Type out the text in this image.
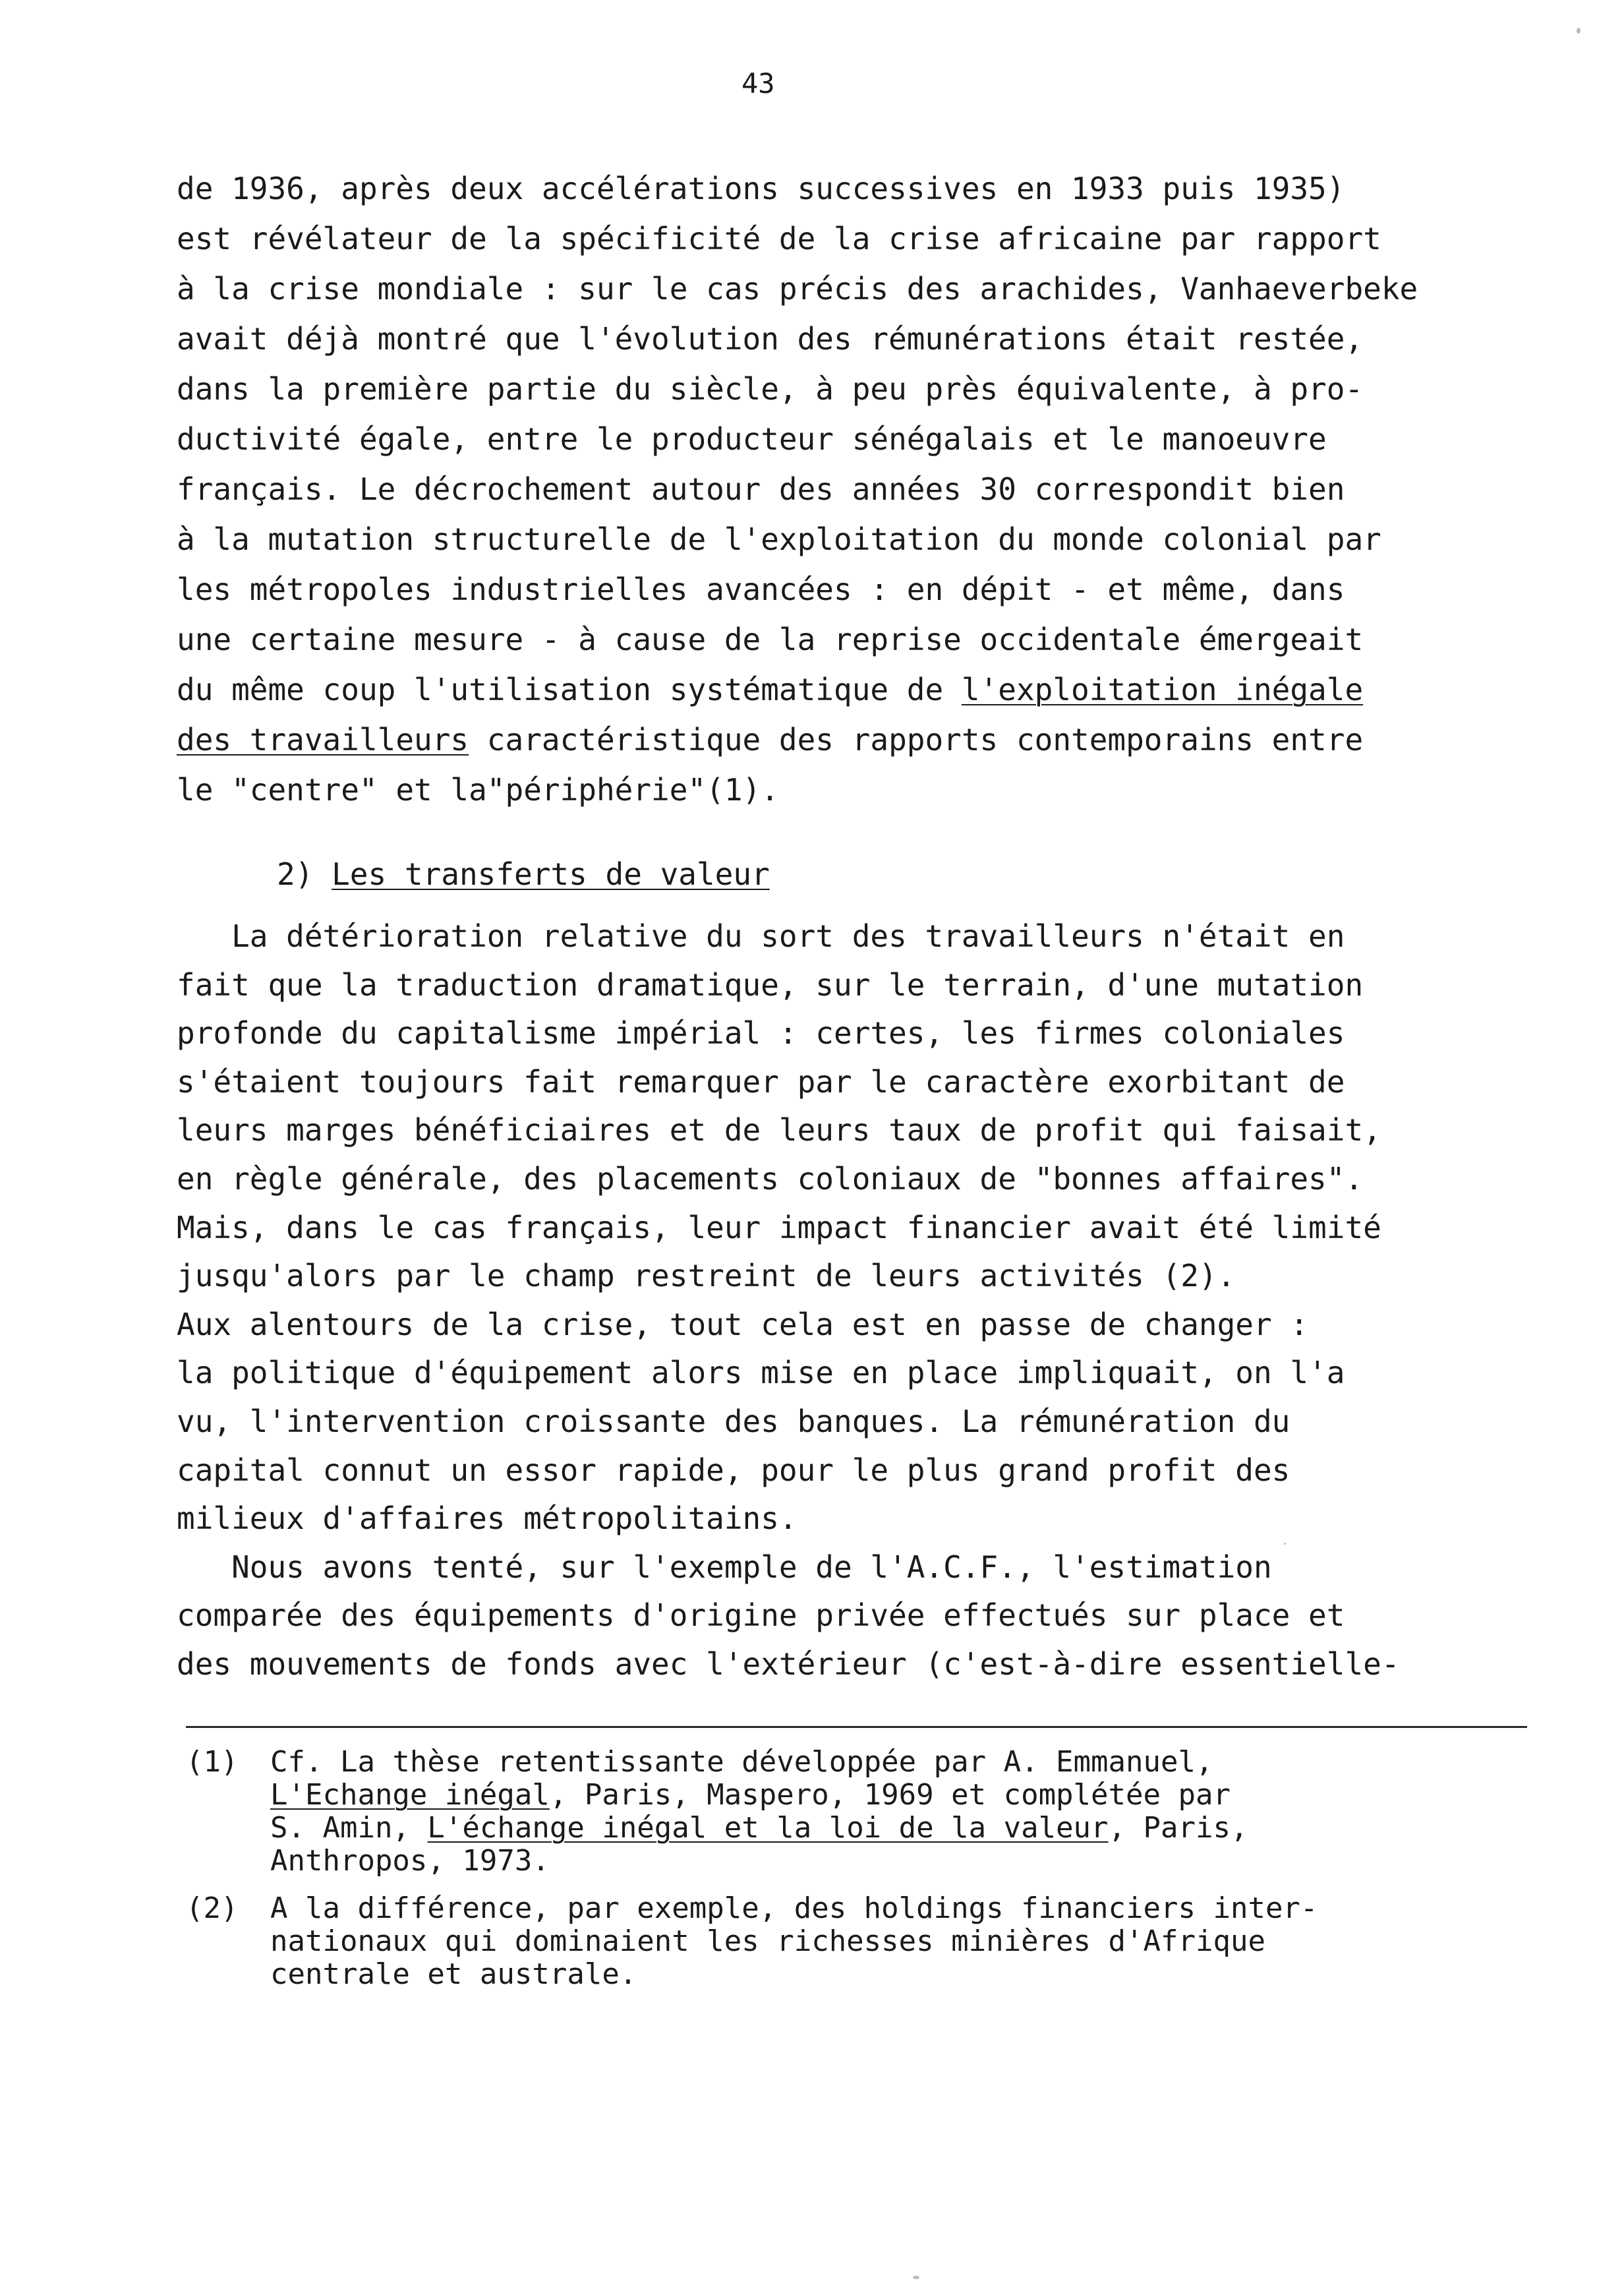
43
de 1936, après deux accélérations successives en 1933 puis 1935)
est révélateur de la spécificité de la crise africaine par rapport
à la crise mondiale : sur le cas précis des arachides, Vanhaeverbeke
avait déjà montré que l'évolution des rémunérations était restée,
dans la première partie du siècle, à peu près équivalente, à pro-
ductivité égale, entre le producteur sénégalais et le manoeuvre
français. Le décrochement autour des années 30 correspondit bien
à la mutation structurelle de l'exploitation du monde colonial par
les métropoles industrielles avancées : en dépit - et même, dans
une certaine mesure - à cause de la reprise occidentale émergeait
du même coup l'utilisation systématique de l'exploitation inégale
des travailleurs caractéristique des rapports contemporains entre
le "centre" et la"périphérie"(1).
2) Les transferts de valeur
La détérioration relative du sort des travailleurs n'était en
fait que la traduction dramatique, sur le terrain, d'une mutation
profonde du capitalisme impérial : certes, les firmes coloniales
s'étaient toujours fait remarquer par le caractère exorbitant de
leurs marges bénéficiaires et de leurs taux de profit qui faisait,
en règle générale, des placements coloniaux de "bonnes affaires".
Mais, dans le cas français, leur impact financier avait été limité
jusqu'alors par le champ restreint de leurs activités (2).
Aux alentours de la crise, tout cela est en passe de changer :
la politique d'équipement alors mise en place impliquait, on l'a
vu, l'intervention croissante des banques. La rémunération du
capital connut un essor rapide, pour le plus grand profit des
milieux d'affaires métropolitains.
Nous avons tenté, sur l'exemple de l'A.C.F., l'estimation
comparée des équipements d'origine privée effectués sur place et
des mouvements de fonds avec l'extérieur (c'est-à-dire essentielle-
(1)	Cf. La thèse retentissante développée par A. Emmanuel,
L'Echange inégal, Paris, Maspero, 1969 et complétée par
S. Amin, L'échange inégal et la loi de la valeur, Paris,
Anthropos, 1973.
(2)	A la différence, par exemple, des holdings financiers inter-
nationaux qui dominaient les richesses minières d'Afrique
centrale et australe.
